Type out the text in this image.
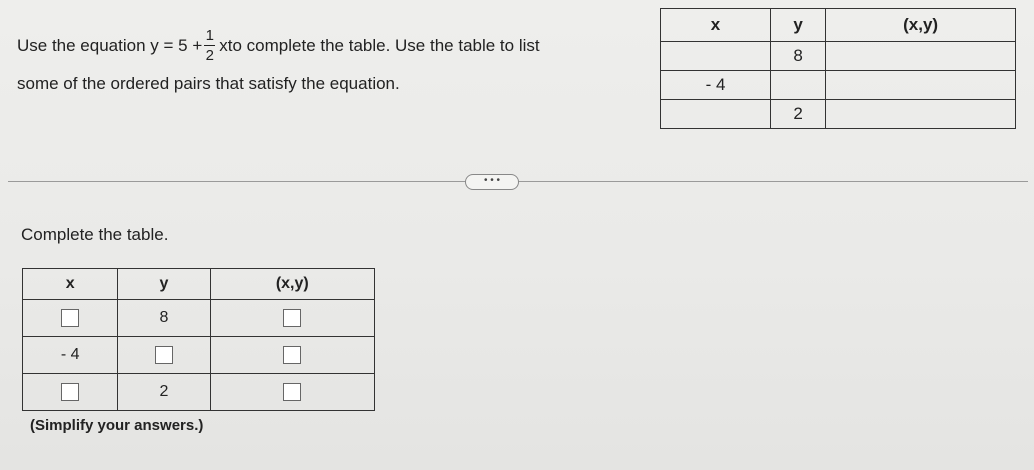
Use the equation
$y = 5 + \frac{1}{2}$ x to complete the table. Use the table to list
some of the ordered pairs that satisfy the equation.
x	y	(x,y)
	8	
- 4		
	2	
• • •
Complete the table.
x	y	(x,y)
	8	
- 4		
	2	
(Simplify your answers.)
